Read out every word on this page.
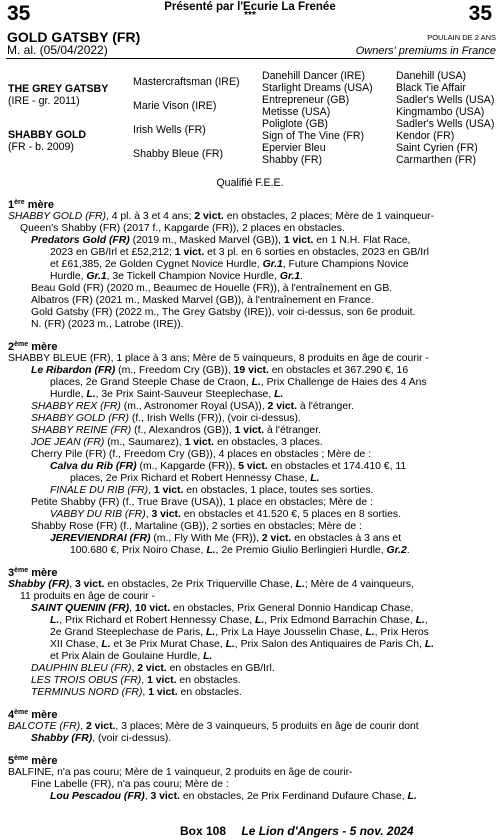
35	35
Présenté par l'Ecurie La Frenée
***
GOLD GATSBY (FR)
M. al. (05/04/2022)
POULAIN DE 2 ANS
Owners' premiums in France
THE GREY GATSBY
(IRE - gr. 2011)
SHABBY GOLD
(FR - b. 2009)
Mastercraftsman (IRE)
Marie Vison (IRE)
Irish Wells (FR)
Shabby Bleue (FR)
Danehill Dancer (IRE)
Starlight Dreams (USA)
Entrepreneur (GB)
Metisse (USA)
Poliglote (GB)
Sign of The Vine (FR)
Epervier Bleu
Shabby (FR)
Danehill (USA)
Black Tie Affair
Sadler's Wells (USA)
Kingmambo (USA)
Sadler's Wells (USA)
Kendor (FR)
Saint Cyrien (FR)
Carmarthen (FR)
Qualifié F.E.E.
1ère mère
SHABBY GOLD (FR), 4 pl. à 3 et 4 ans; 2 vict. en obstacles, 2 places; Mère de 1 vainqueur-
Queen's Shabby (FR) (2017 f., Kapgarde (FR)), 2 places en obstacles.
Predators Gold (FR) (2019 m., Masked Marvel (GB)), 1 vict. en 1 N.H. Flat Race,
2023 en GB/Irl et £52,212; 1 vict. et 3 pl. en 6 sorties en obstacles, 2023 en GB/Irl
et £61,385, 2e Golden Cygnet Novice Hurdle, Gr.1, Future Champions Novice
Hurdle, Gr.1, 3e Tickell Champion Novice Hurdle, Gr.1.
Beau Gold (FR) (2020 m., Beaumec de Houelle (FR)), à l'entraînement en GB.
Albatros (FR) (2021 m., Masked Marvel (GB)), à l'entraînement en France.
Gold Gatsby (FR) (2022 m., The Grey Gatsby (IRE)), voir ci-dessus, son 6e produit.
N. (FR) (2023 m., Latrobe (IRE)).
2ème mère
SHABBY BLEUE (FR), 1 place à 3 ans; Mère de 5 vainqueurs, 8 produits en âge de courir -
Le Ribardon (FR) (m., Freedom Cry (GB)), 19 vict. en obstacles et 367.290 €, 16
places, 2e Grand Steeple Chase de Craon, L., Prix Challenge de Haies des 4 Ans
Hurdle, L., 3e Prix Saint-Sauveur Steeplechase, L.
SHABBY REX (FR) (m., Astronomer Royal (USA)), 2 vict. à l'étranger.
SHABBY GOLD (FR) (f., Irish Wells (FR)), (voir ci-dessus).
SHABBY REINE (FR) (f., Alexandros (GB)), 1 vict. à l'étranger.
JOE JEAN (FR) (m., Saumarez), 1 vict. en obstacles, 3 places.
Cherry Pile (FR) (f., Freedom Cry (GB)), 4 places en obstacles ; Mère de :
Calva du Rib (FR) (m., Kapgarde (FR)), 5 vict. en obstacles et 174.410 €, 11
places, 2e Prix Richard et Robert Hennessy Chase, L.
FINALE DU RIB (FR), 1 vict. en obstacles, 1 place, toutes ses sorties.
Petite Shabby (FR) (f., True Brave (USA)), 1 place en obstacles; Mère de :
VABBY DU RIB (FR), 3 vict. en obstacles et 41.520 €, 5 places en 8 sorties.
Shabby Rose (FR) (f., Martaline (GB)), 2 sorties en obstacles; Mère de :
JEREVIENDRAI (FR) (m., Fly With Me (FR)), 2 vict. en obstacles à 3 ans et
100.680 €, Prix Noiro Chase, L., 2e Premio Giulio Berlingieri Hurdle, Gr.2.
3ème mère
Shabby (FR), 3 vict. en obstacles, 2e Prix Triquerville Chase, L.; Mère de 4 vainqueurs,
11 produits en âge de courir -
SAINT QUENIN (FR), 10 vict. en obstacles, Prix General Donnio Handicap Chase,
L., Prix Richard et Robert Hennessy Chase, L., Prix Edmond Barrachin Chase, L.,
2e Grand Steeplechase de Paris, L., Prix La Haye Jousselin Chase, L., Prix Heros
XII Chase, L. et 3e Prix Murat Chase, L., Prix Salon des Antiquaires de Paris Ch, L.
et Prix Alain de Goulaine Hurdle, L.
DAUPHIN BLEU (FR), 2 vict. en obstacles en GB/Irl.
LES TROIS OBUS (FR), 1 vict. en obstacles.
TERMINUS NORD (FR), 1 vict. en obstacles.
4ème mère
BALCOTE (FR), 2 vict., 3 places; Mère de 3 vainqueurs, 5 produits en âge de courir dont
Shabby (FR), (voir ci-dessus).
5ème mère
BALFINE, n'a pas couru; Mère de 1 vainqueur, 2 produits en âge de courir-
Fine Labelle (FR), n'a pas couru; Mère de :
Lou Pescadou (FR), 3 vict. en obstacles, 2e Prix Ferdinand Dufaure Chase, L.
Box 108 Le Lion d'Angers - 5 nov. 2024
